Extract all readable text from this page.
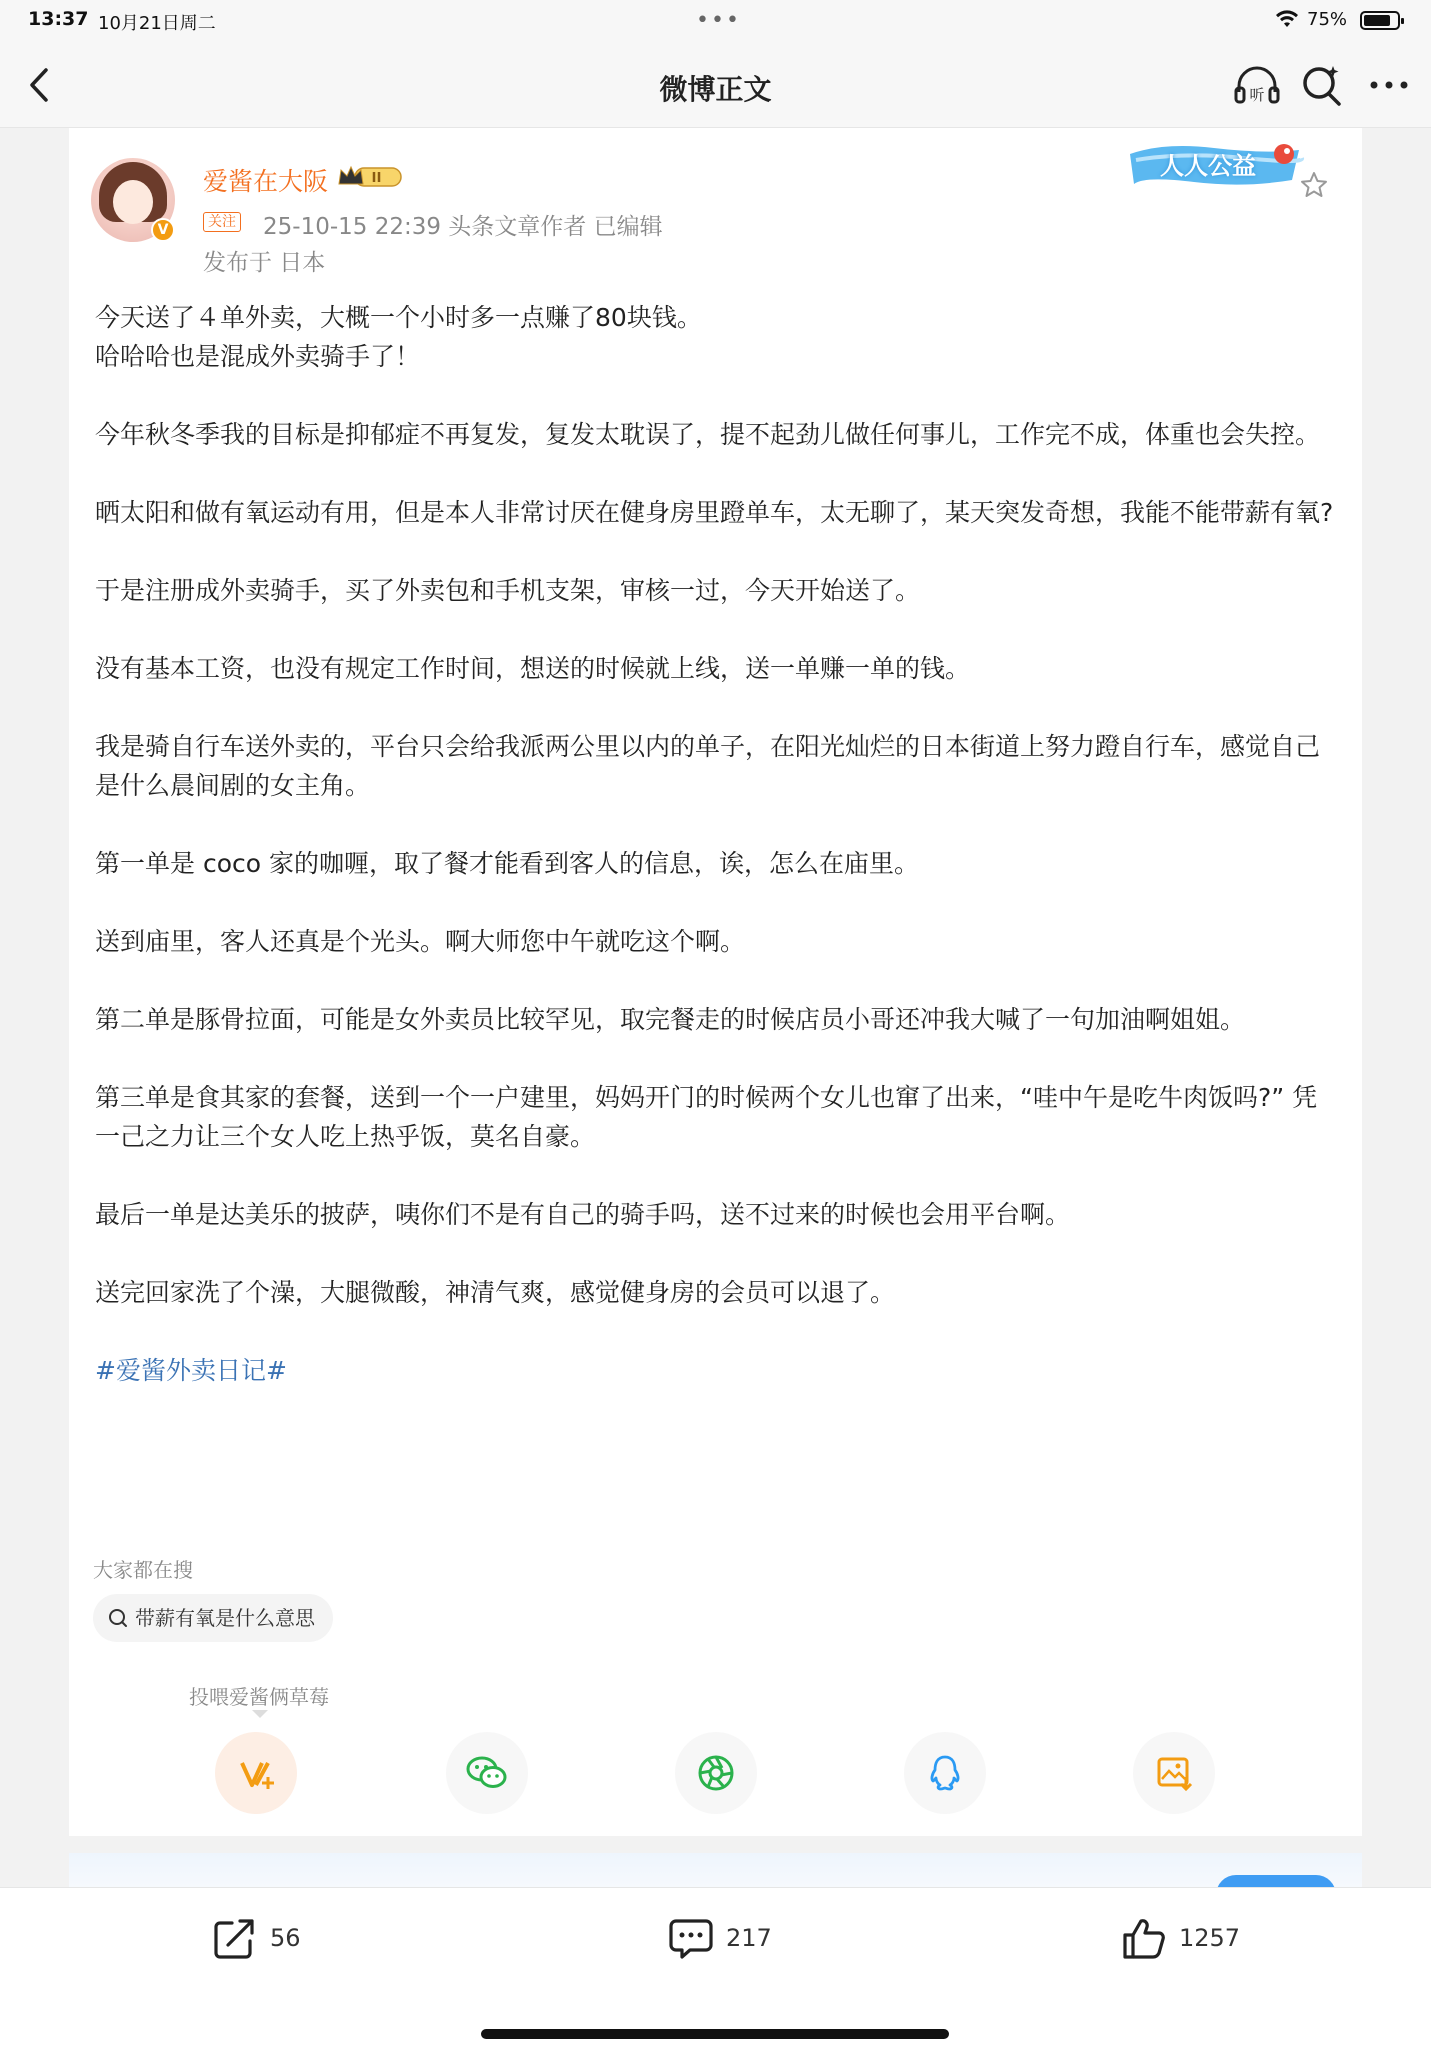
13:37 10月21日周二	•••	75%
微博正文	听
V
爱酱在大阪
关注 25-10-15 22:39 头条文章作者 已编辑
发布于 日本
人人公益

今天送了４单外卖，大概一个小时多一点赚了80块钱。
哈哈哈也是混成外卖骑手了！

今年秋冬季我的目标是抑郁症不再复发，复发太耽误了，提不起劲儿做任何事儿，工作完不成，体重也会失控。

晒太阳和做有氧运动有用，但是本人非常讨厌在健身房里蹬单车，太无聊了，某天突发奇想，我能不能带薪有氧?

于是注册成外卖骑手，买了外卖包和手机支架，审核一过，今天开始送了。

没有基本工资，也没有规定工作时间，想送的时候就上线，送一单赚一单的钱。

我是骑自行车送外卖的，平台只会给我派两公里以内的单子，在阳光灿烂的日本街道上努力蹬自行车，感觉自己是什么晨间剧的女主角。

第一单是 coco 家的咖喱，取了餐才能看到客人的信息，诶，怎么在庙里。

送到庙里，客人还真是个光头。啊大师您中午就吃这个啊。

第二单是豚骨拉面，可能是女外卖员比较罕见，取完餐走的时候店员小哥还冲我大喊了一句加油啊姐姐。

第三单是食其家的套餐，送到一个一户建里，妈妈开门的时候两个女儿也窜了出来，“哇中午是吃牛肉饭吗?” 凭一己之力让三个女人吃上热乎饭，莫名自豪。

最后一单是达美乐的披萨，咦你们不是有自己的骑手吗，送不过来的时候也会用平台啊。

送完回家洗了个澡，大腿微酸，神清气爽，感觉健身房的会员可以退了。

#爱酱外卖日记#

大家都在搜
带薪有氧是什么意思
投喂爱酱俩草莓
56	217	1257
